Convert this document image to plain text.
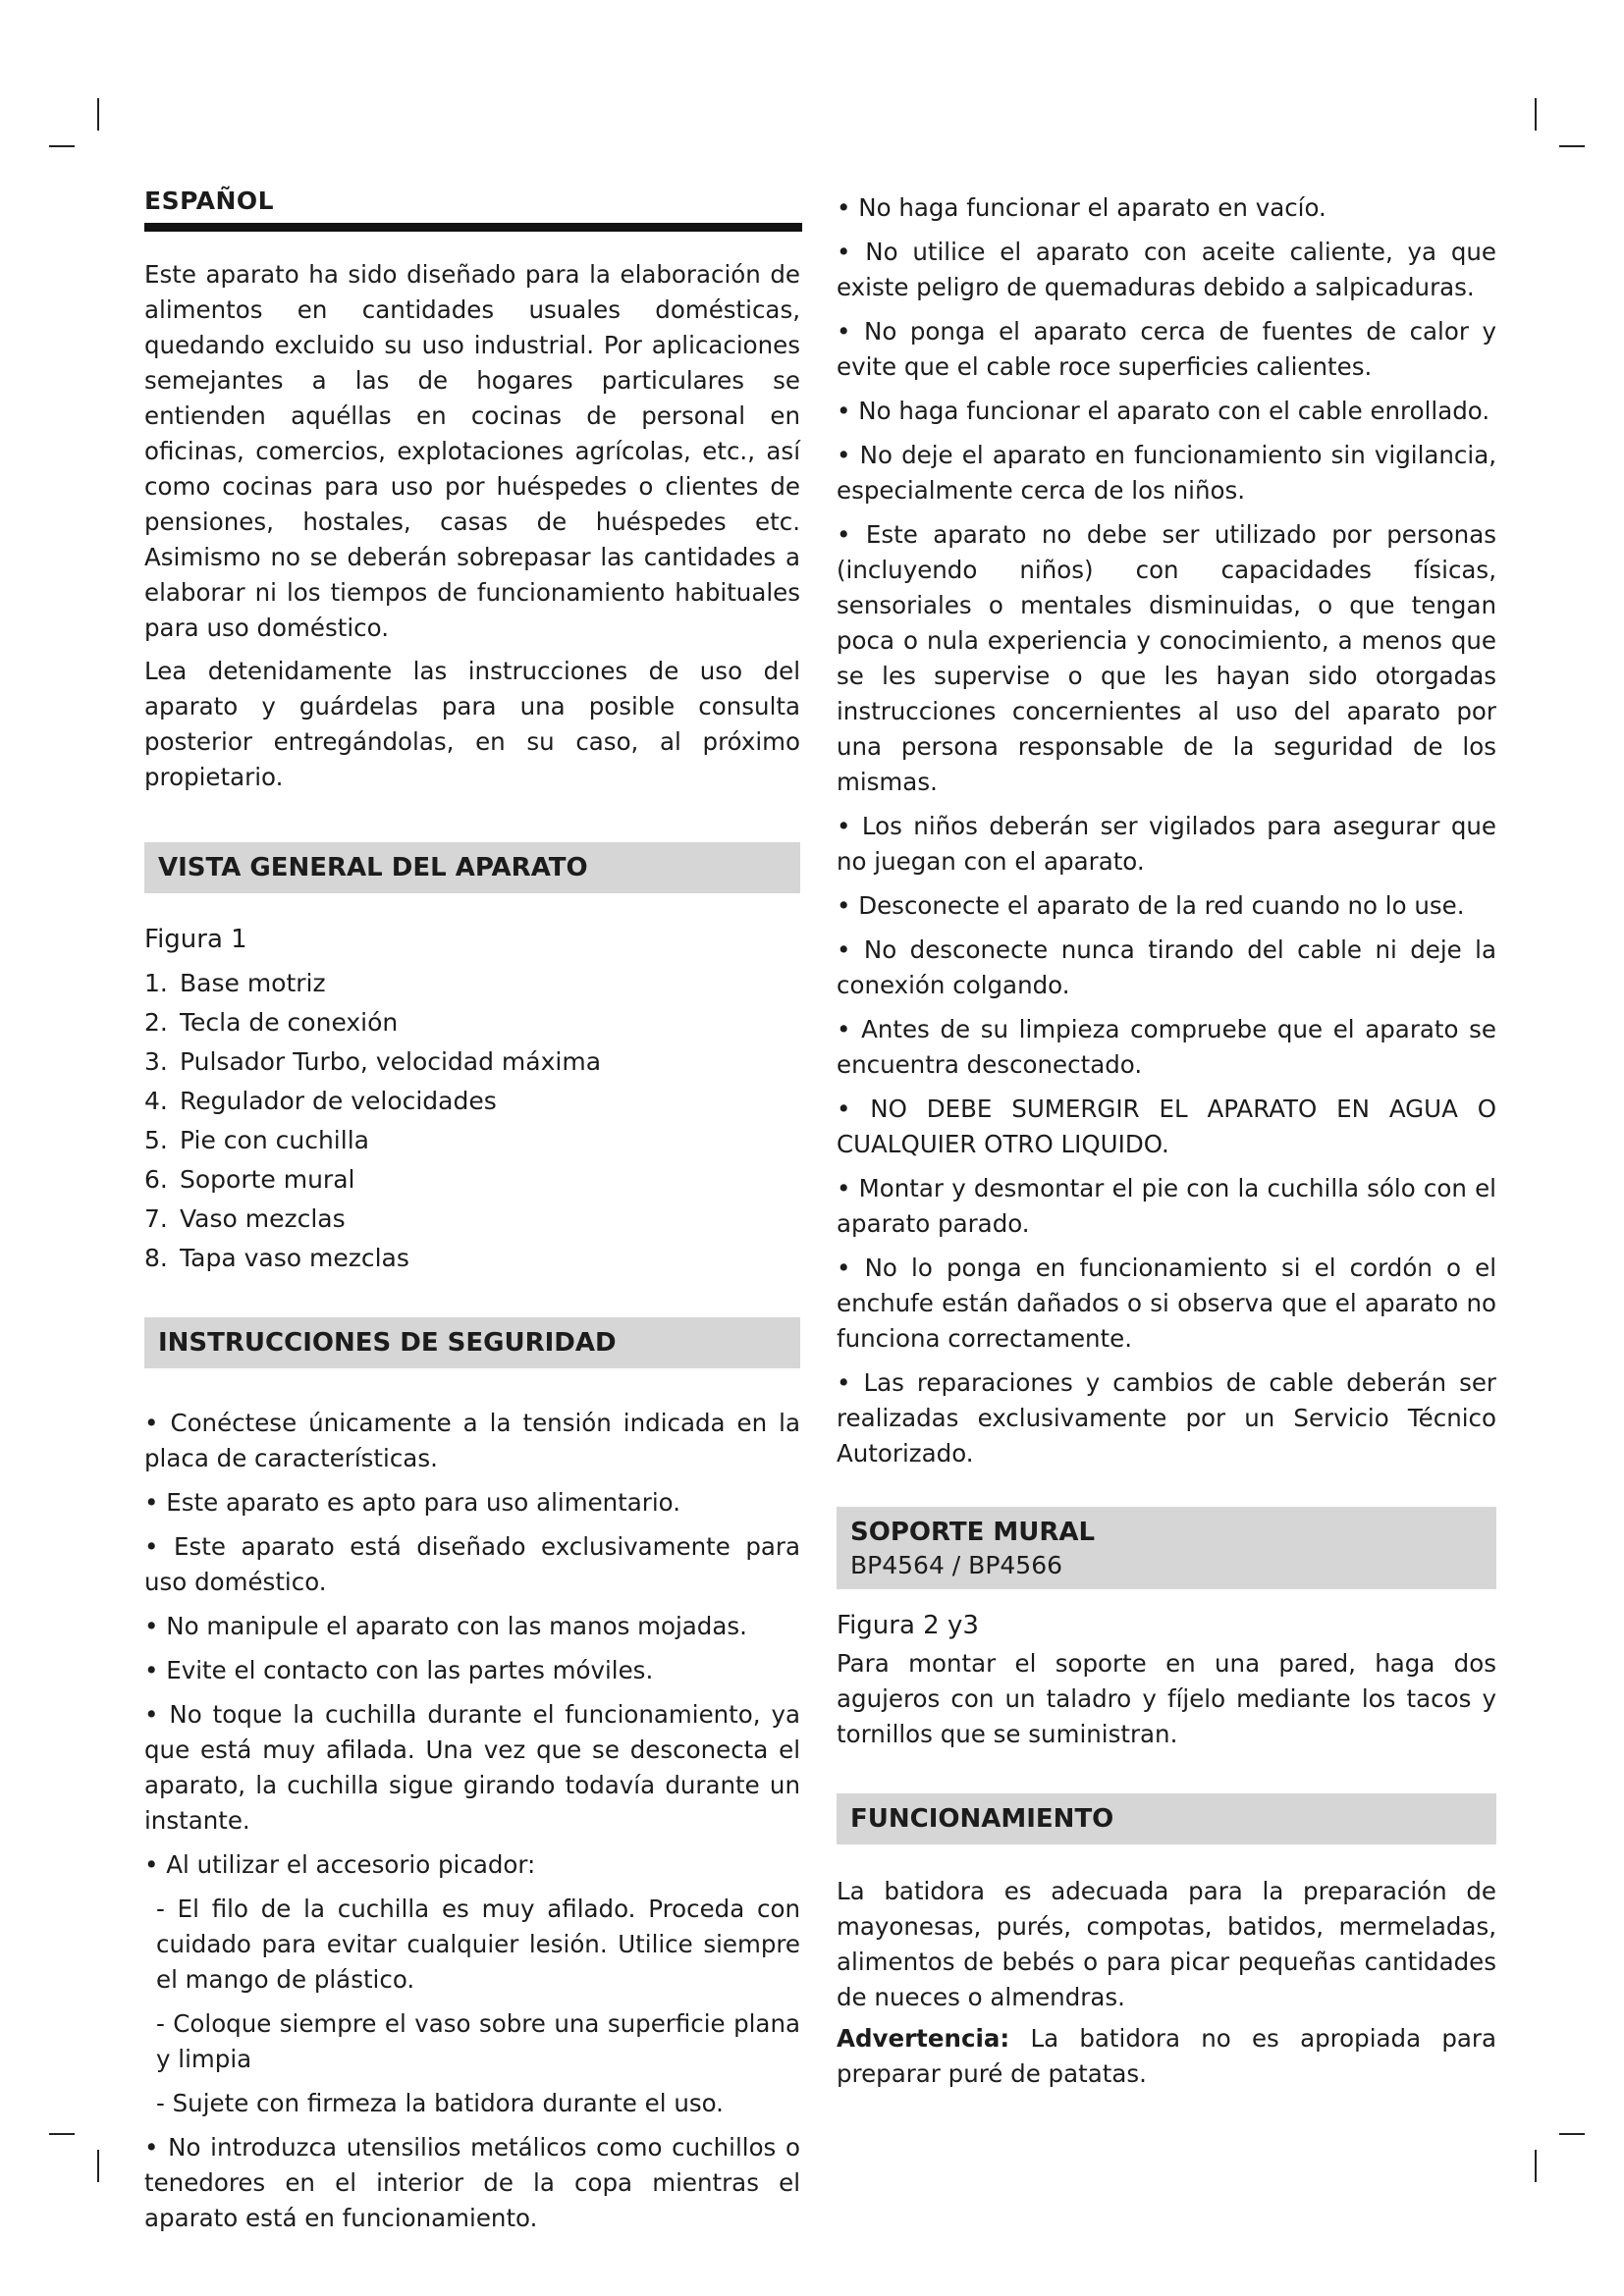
ESPAÑOL

Este aparato ha sido diseñado para la elaboración de alimentos en cantidades usuales domésticas, quedando excluido su uso industrial. Por aplicaciones semejantes a las de hogares particulares se entienden aquéllas en cocinas de personal en oficinas, comercios, explotaciones agrícolas, etc., así como cocinas para uso por huéspedes o clientes de pensiones, hostales, casas de huéspedes etc. Asimismo no se deberán sobrepasar las cantidades a elaborar ni los tiempos de funcionamiento habituales para uso doméstico.

Lea detenidamente las instrucciones de uso del aparato y guárdelas para una posible consulta posterior entregándolas, en su caso, al próximo propietario.

VISTA GENERAL DEL APARATO
Figura 1
1. Base motriz
2. Tecla de conexión
3. Pulsador Turbo, velocidad máxima
4. Regulador de velocidades
5. Pie con cuchilla
6. Soporte mural
7. Vaso mezclas
8. Tapa vaso mezclas
INSTRUCCIONES DE SEGURIDAD

• Conéctese únicamente a la tensión indicada en la placa de características.

• Este aparato es apto para uso alimentario.

• Este aparato está diseñado exclusivamente para uso doméstico.

• No manipule el aparato con las manos mojadas.

• Evite el contacto con las partes móviles.

• No toque la cuchilla durante el funcionamiento, ya que está muy afilada. Una vez que se desconecta el aparato, la cuchilla sigue girando todavía durante un instante.

• Al utilizar el accesorio picador:

- El filo de la cuchilla es muy afilado. Proceda con cuidado para evitar cualquier lesión. Utilice siempre el mango de plástico.

- Coloque siempre el vaso sobre una superficie plana y limpia

- Sujete con firmeza la batidora durante el uso.

• No introduzca utensilios metálicos como cuchillos o tenedores en el interior de la copa mientras el aparato está en funcionamiento.

• No haga funcionar el aparato en vacío.

• No utilice el aparato con aceite caliente, ya que existe peligro de quemaduras debido a salpicaduras.

• No ponga el aparato cerca de fuentes de calor y evite que el cable roce superficies calientes.

• No haga funcionar el aparato con el cable enrollado.

• No deje el aparato en funcionamiento sin vigilancia, especialmente cerca de los niños.

• Este aparato no debe ser utilizado por personas (incluyendo niños) con capacidades físicas, sensoriales o mentales disminuidas, o que tengan poca o nula experiencia y conocimiento, a menos que se les supervise o que les hayan sido otorgadas instrucciones concernientes al uso del aparato por una persona responsable de la seguridad de los mismas.

• Los niños deberán ser vigilados para asegurar que no juegan con el aparato.

• Desconecte el aparato de la red cuando no lo use.

• No desconecte nunca tirando del cable ni deje la conexión colgando.

• Antes de su limpieza compruebe que el aparato se encuentra desconectado.

• NO DEBE SUMERGIR EL APARATO EN AGUA O CUALQUIER OTRO LIQUIDO.

• Montar y desmontar el pie con la cuchilla sólo con el aparato parado.

• No lo ponga en funcionamiento si el cordón o el enchufe están dañados o si observa que el aparato no funciona correctamente.

• Las reparaciones y cambios de cable deberán ser realizadas exclusivamente por un Servicio Técnico Autorizado.

SOPORTE MURAL
BP4564 / BP4566
Figura 2 y3

Para montar el soporte en una pared, haga dos agujeros con un taladro y fíjelo mediante los tacos y tornillos que se suministran.

FUNCIONAMIENTO

La batidora es adecuada para la preparación de mayonesas, purés, compotas, batidos, mermeladas, alimentos de bebés o para picar pequeñas cantidades de nueces o almendras.

Advertencia: La batidora no es apropiada para preparar puré de patatas.
